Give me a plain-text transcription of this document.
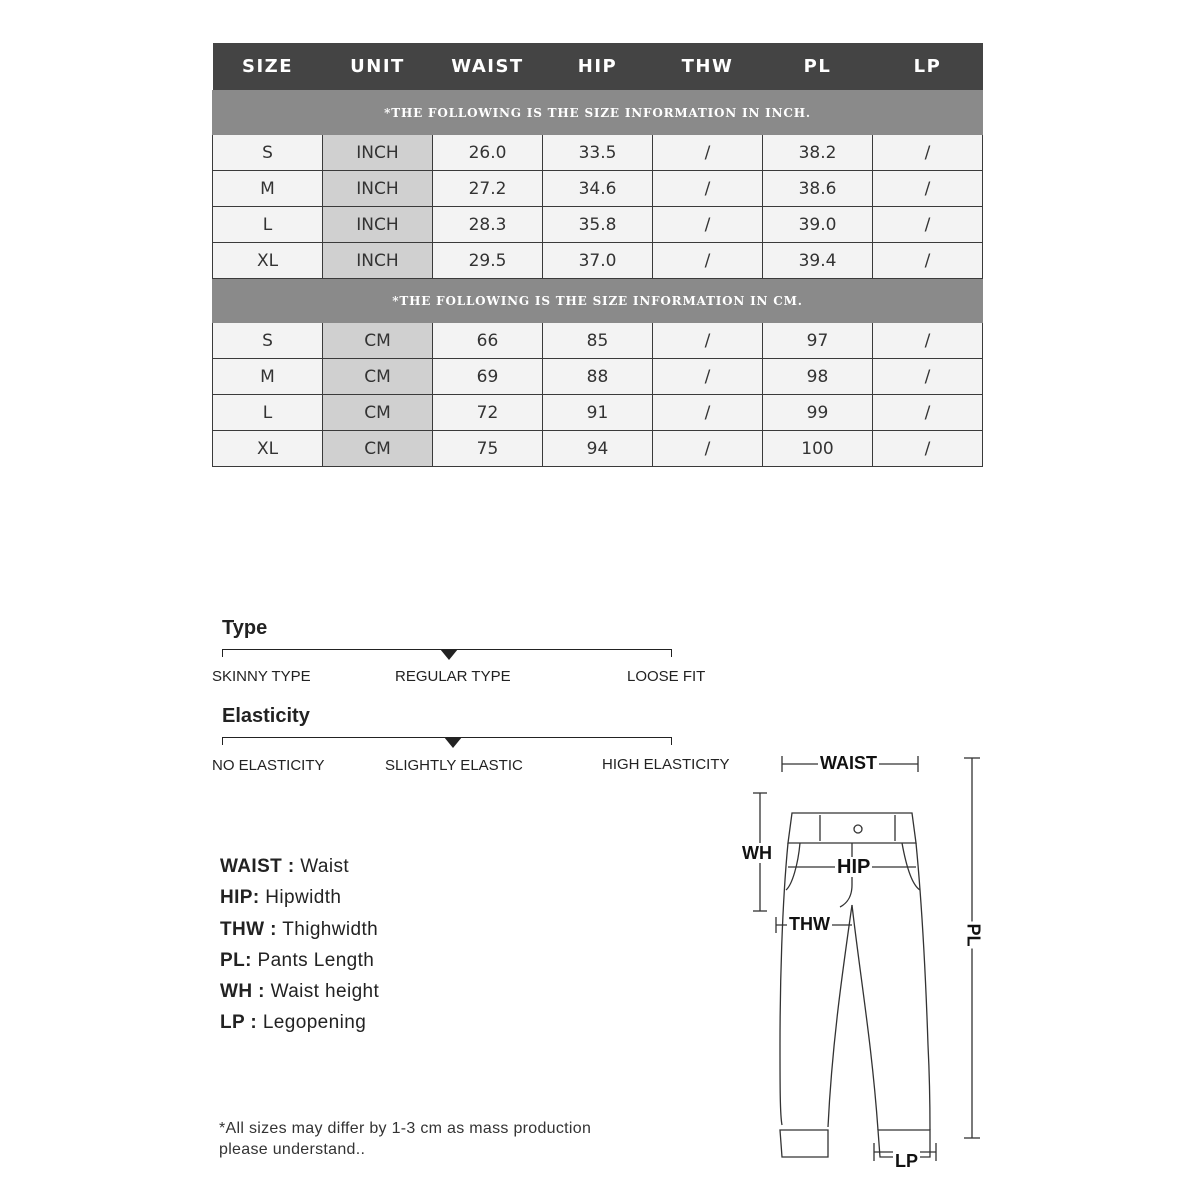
SIZE	UNIT	WAIST	HIP	THW	PL	LP
*THE FOLLOWING IS THE SIZE INFORMATION IN INCH.						
S	INCH	26.0	33.5	/	38.2	/
M	INCH	27.2	34.6	/	38.6	/
L	INCH	28.3	35.8	/	39.0	/
XL	INCH	29.5	37.0	/	39.4	/
*THE FOLLOWING IS THE SIZE INFORMATION IN CM.						
S	CM	66	85	/	97	/
M	CM	69	88	/	98	/
L	CM	72	91	/	99	/
XL	CM	75	94	/	100	/
Type
SKINNY TYPE	REGULAR TYPE	LOOSE FIT
Elasticity
NO ELASTICITY	SLIGHTLY ELASTIC	HIGH ELASTICITY
WAIST : Waist
HIP: Hipwidth
THW : Thighwidth
PL: Pants Length
WH : Waist height
LP : Legopening
*All sizes may differ by 1-3 cm as mass production
please understand..
WAIST
WH
HIP
THW	PL
LP
